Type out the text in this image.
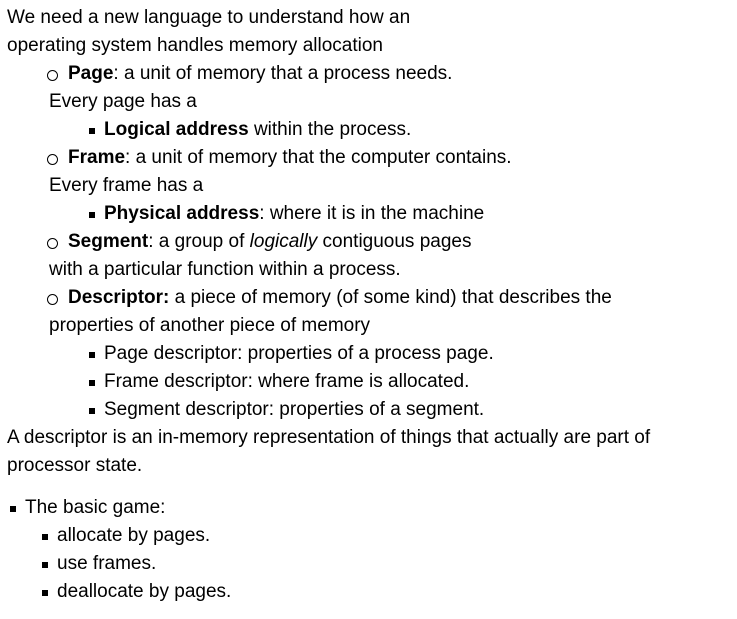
We need a new language to understand how an
operating system handles memory allocation
Page: a unit of memory that a process needs.
Every page has a
Logical address within the process.
Frame: a unit of memory that the computer contains.
Every frame has a
Physical address: where it is in the machine
Segment: a group of logically contiguous pages
with a particular function within a process.
Descriptor: a piece of memory (of some kind) that describes the
properties of another piece of memory
Page descriptor: properties of a process page.
Frame descriptor: where frame is allocated.
Segment descriptor: properties of a segment.
A descriptor is an in-memory representation of things that actually are part of
processor state.
The basic game:
allocate by pages.
use frames.
deallocate by pages.
